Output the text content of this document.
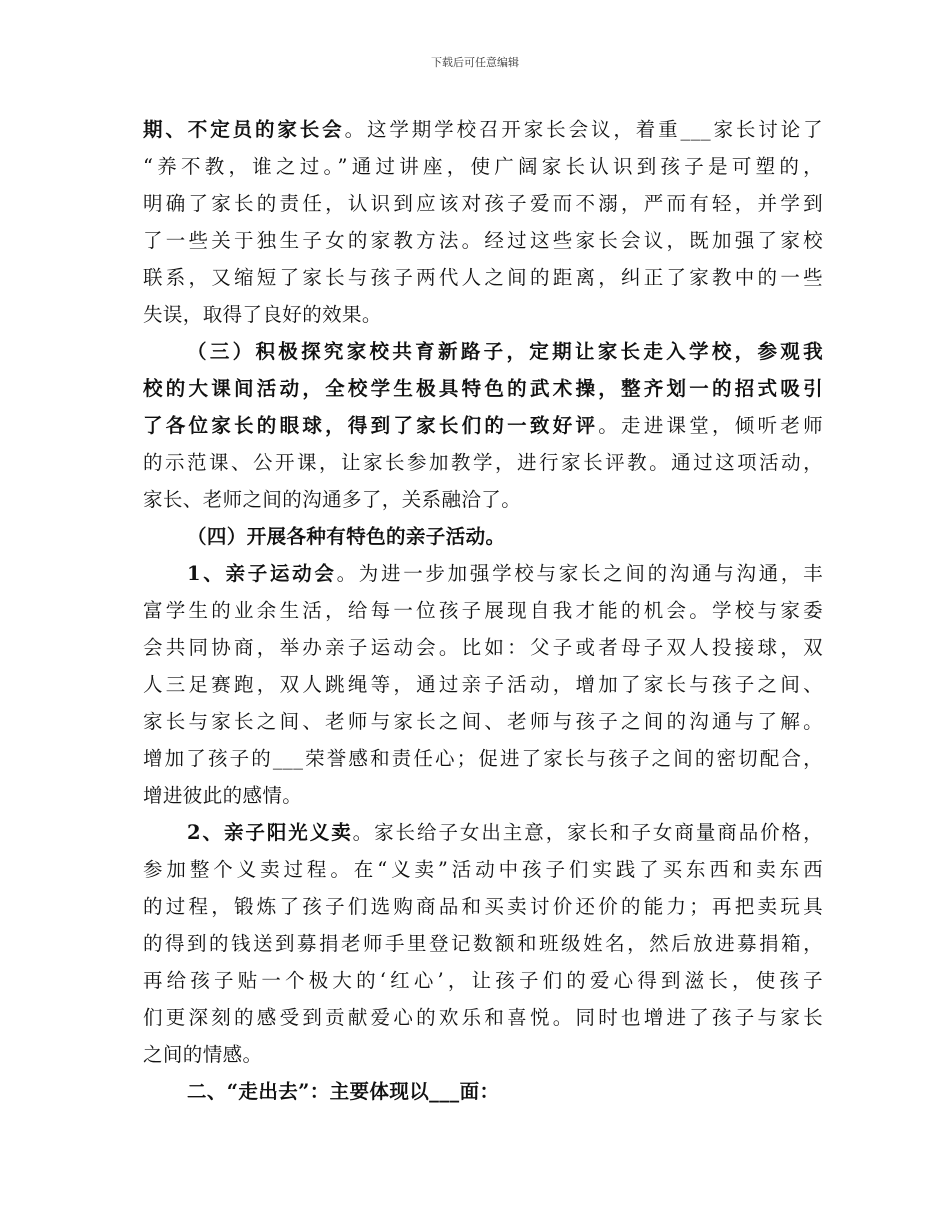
下载后可任意编辑
期、不定员的家长会。这学期学校召开家长会议，着重___家长讨论了
“养不教，谁之过。”通过讲座，使广阔家长认识到孩子是可塑的，
明确了家长的责任，认识到应该对孩子爱而不溺，严而有轻，并学到
了一些关于独生子女的家教方法。经过这些家长会议，既加强了家校
联系，又缩短了家长与孩子两代人之间的距离，纠正了家教中的一些
失误，取得了良好的效果。
（三）积极探究家校共育新路子，定期让家长走入学校，参观我
校的大课间活动，全校学生极具特色的武术操，整齐划一的招式吸引
了各位家长的眼球，得到了家长们的一致好评。走进课堂，倾听老师
的示范课、公开课，让家长参加教学，进行家长评教。通过这项活动，
家长、老师之间的沟通多了，关系融洽了。
（四）开展各种有特色的亲子活动。
1、亲子运动会。为进一步加强学校与家长之间的沟通与沟通，丰
富学生的业余生活，给每一位孩子展现自我才能的机会。学校与家委
会共同协商，举办亲子运动会。比如：父子或者母子双人投接球，双
人三足赛跑，双人跳绳等，通过亲子活动，增加了家长与孩子之间、
家长与家长之间、老师与家长之间、老师与孩子之间的沟通与了解。
增加了孩子的___荣誉感和责任心；促进了家长与孩子之间的密切配合，
增进彼此的感情。
2、亲子阳光义卖。家长给子女出主意，家长和子女商量商品价格，
参加整个义卖过程。在“义卖”活动中孩子们实践了买东西和卖东西
的过程，锻炼了孩子们选购商品和买卖讨价还价的能力；再把卖玩具
的得到的钱送到募捐老师手里登记数额和班级姓名，然后放进募捐箱，
再给孩子贴一个极大的‘红心’，让孩子们的爱心得到滋长，使孩子
们更深刻的感受到贡献爱心的欢乐和喜悦。同时也增进了孩子与家长
之间的情感。
二、“走出去”：主要体现以___面：
